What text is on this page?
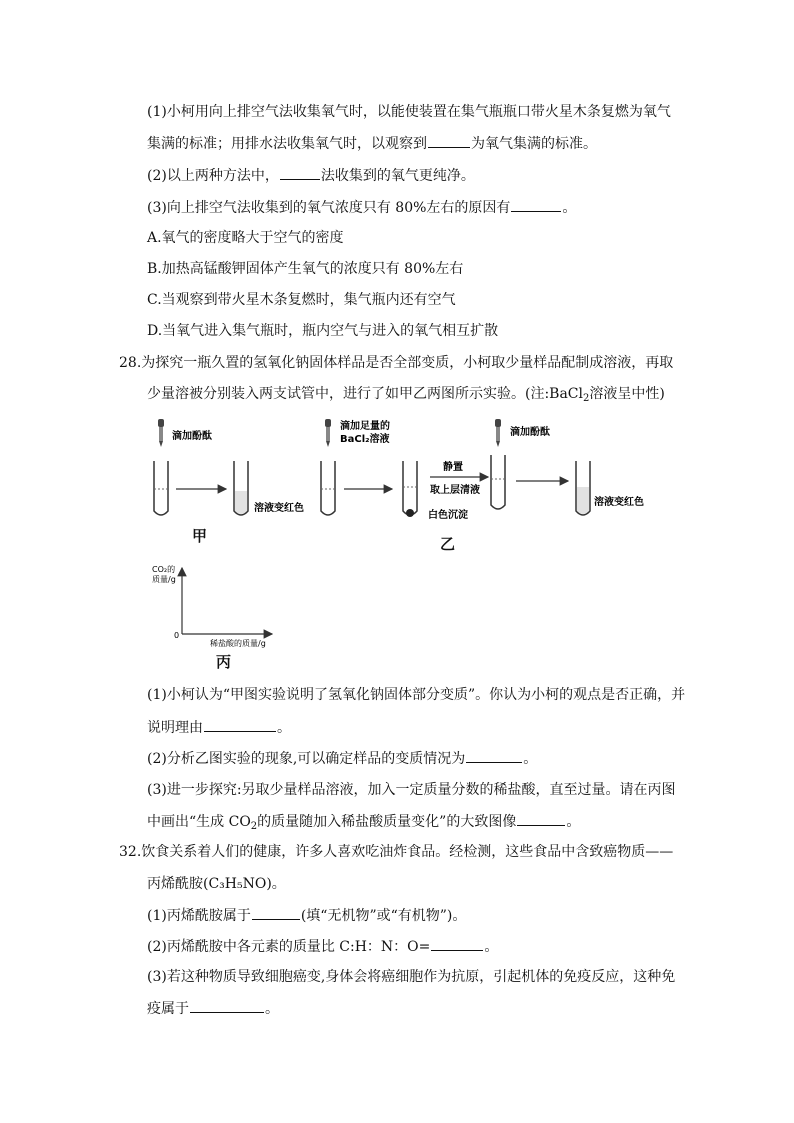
(1)小柯用向上排空气法收集氧气时，以能使装置在集气瓶瓶口带火星木条复燃为氧气
集满的标准；用排水法收集氧气时，以观察到	为氧气集满的标准。
(2)以上两种方法中，	法收集到的氧气更纯净。
(3)向上排空气法收集到的氧气浓度只有 80%左右的原因有	。
A.氧气的密度略大于空气的密度
B.加热高锰酸钾固体产生氧气的浓度只有 80%左右
C.当观察到带火星木条复燃时，集气瓶内还有空气
D.当氧气进入集气瓶时，瓶内空气与进入的氧气相互扩散
28.为探究一瓶久置的氢氧化钠固体样品是否全部变质，小柯取少量样品配制成溶液，再取
少量溶被分别装入两支试管中，进行了如甲乙两图所示实验。(注:BaCl$_2$溶液呈中性)
滴加酚酞
溶液变红色
滴加足量的
BaCl₂溶液
白色沉淀
静置
取上层清液
滴加酚酞
溶液变红色
甲	乙
CO₂的
质量/g
0
稀盐酸的质量/g
丙
(1)小柯认为“甲图实验说明了氢氧化钠固体部分变质”。你认为小柯的观点是否正确，并
说明理由	。
(2)分析乙图实验的现象,可以确定样品的变质情况为	。
(3)进一步探究:另取少量样品溶液，加入一定质量分数的稀盐酸，直至过量。请在丙图
中画出“生成 $CO_2$的质量随加入稀盐酸质量变化”的大致图像	。
32.饮食关系着人们的健康，许多人喜欢吃油炸食品。经检测，这些食品中含致癌物质——
丙烯酰胺(C₃H₅NO)。
(1)丙烯酰胺属于	(填“无机物”或“有机物”)。
(2)丙烯酰胺中各元素的质量比 C:H：N：O=	。
(3)若这种物质导致细胞癌变,身体会将癌细胞作为抗原，引起机体的免疫反应，这种免
疫属于	。
